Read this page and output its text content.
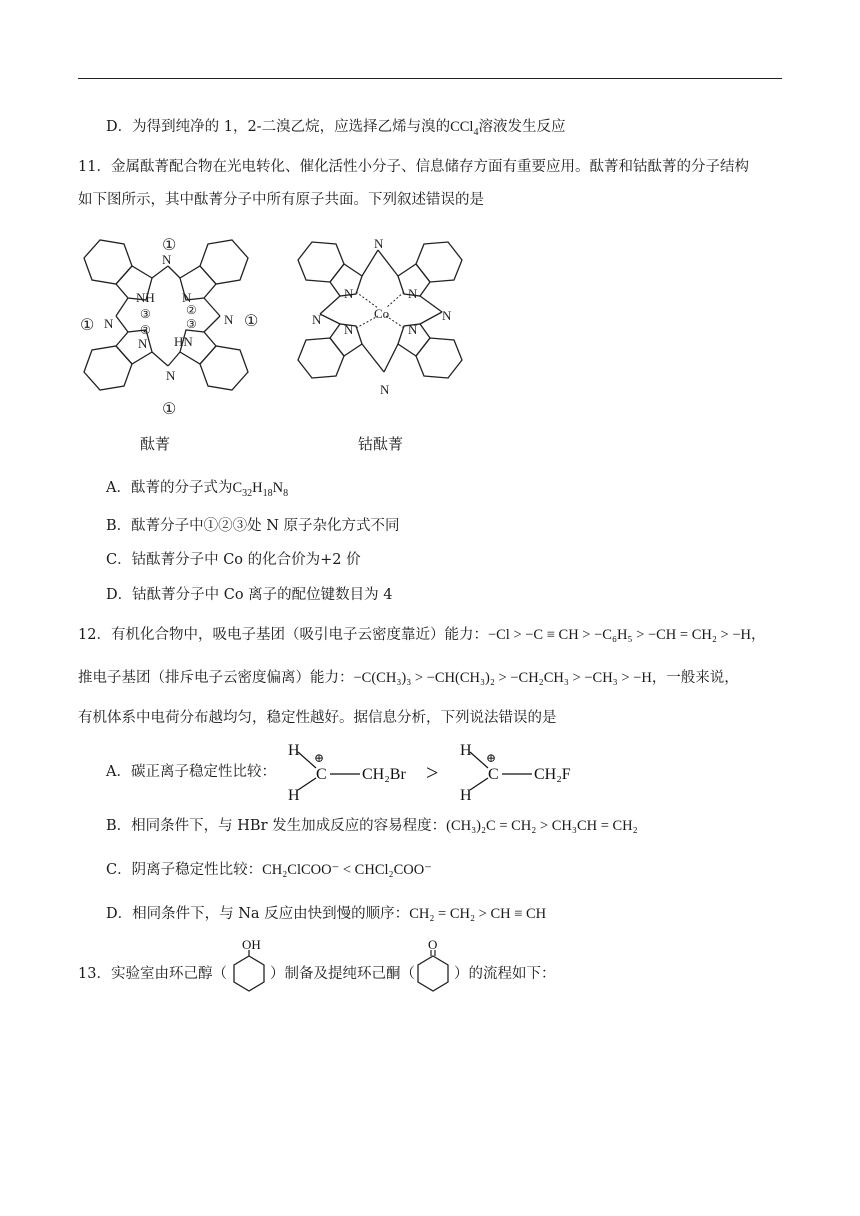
D．为得到纯净的 1，2-二溴乙烷，应选择乙烯与溴的CCl$_4$溶液发生反应
11．金属酞菁配合物在光电转化、催化活性小分子、信息储存方面有重要应用。酞菁和钴酞菁的分子结构
如下图所示，其中酞菁分子中所有原子共面。下列叙述错误的是
N
N	N
N
NH
HN
N
N
①
①	①
①
③
②
②
③
酞菁
N
N	N
N	N
N	N
N
Co
钴酞菁
A．酞菁的分子式为$C_{32}H_{18}N_8$
B．酞菁分子中①②③处 N 原子杂化方式不同
C．钴酞菁分子中 Co 的化合价为+2 价
D．钴酞菁分子中 Co 离子的配位键数目为 4
12．有机化合物中，吸电子基团（吸引电子云密度靠近）能力：−Cl > −C ≡ CH > −C₆H₅ > −CH = CH₂ > −H，
推电子基团（排斥电子云密度偏离）能力：−C(CH₃)₃ > −CH(CH₃)₂ > −CH₂CH₃ > −CH₃ > −H，一般来说，
有机体系中电荷分布越均匀，稳定性越好。据信息分析，下列说法错误的是
A．碳正离子稳定性比较：
H
H
C
⊕
CH₂Br >
H
H
C
⊕
CH₂F
B．相同条件下，与 HBr 发生加成反应的容易程度：(CH₃)₂C = CH₂ > CH₃CH = CH₂
C．阴离子稳定性比较：CH₂ClCOO⁻ < CHCl₂COO⁻
D．相同条件下，与 Na 反应由快到慢的顺序：CH₂ = CH₂ > CH ≡ CH
13．实验室由环己醇（
OH
）制备及提纯环己酮（
O
）的流程如下：
